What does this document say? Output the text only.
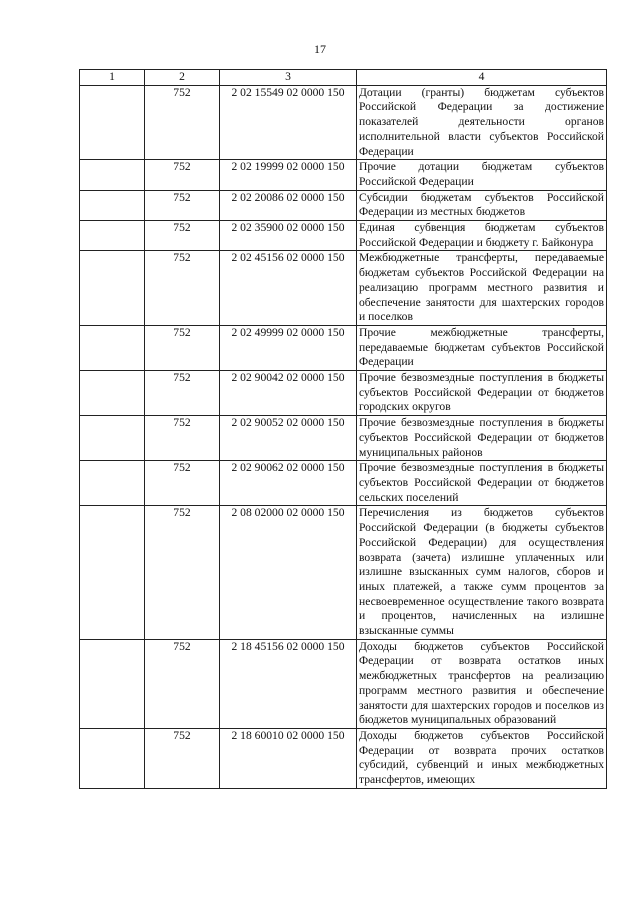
17
1	2	3	4
	752	2 02 15549 02 0000 150	Дотации (гранты) бюджетам субъектов Российской Федерации за достижение показателей деятельности органов исполнительной власти субъектов Российской Федерации
	752	2 02 19999 02 0000 150	Прочие дотации бюджетам субъектов Российской Федерации
	752	2 02 20086 02 0000 150	Субсидии бюджетам субъектов Российской Федерации из местных бюджетов
	752	2 02 35900 02 0000 150	Единая субвенция бюджетам субъектов Российской Федерации и бюджету г. Байконура
	752	2 02 45156 02 0000 150	Межбюджетные трансферты, передаваемые бюджетам субъектов Российской Федерации на реализацию программ местного развития и обеспечение занятости для шахтерских городов и поселков
	752	2 02 49999 02 0000 150	Прочие межбюджетные трансферты, передаваемые бюджетам субъектов Российской Федерации
	752	2 02 90042 02 0000 150	Прочие безвозмездные поступления в бюджеты субъектов Российской Федерации от бюджетов городских округов
	752	2 02 90052 02 0000 150	Прочие безвозмездные поступления в бюджеты субъектов Российской Федерации от бюджетов муниципальных районов
	752	2 02 90062 02 0000 150	Прочие безвозмездные поступления в бюджеты субъектов Российской Федерации от бюджетов сельских поселений
	752	2 08 02000 02 0000 150	Перечисления из бюджетов субъектов Российской Федерации (в бюджеты субъектов Российской Федерации) для осуществления возврата (зачета) излишне уплаченных или излишне взысканных сумм налогов, сборов и иных платежей, а также сумм процентов за несвоевременное осуществление такого возврата и процентов, начисленных на излишне взысканные суммы
	752	2 18 45156 02 0000 150	Доходы бюджетов субъектов Российской Федерации от возврата остатков иных межбюджетных трансфертов на реализацию программ местного развития и обеспечение занятости для шахтерских городов и поселков из бюджетов муниципальных образований
	752	2 18 60010 02 0000 150	Доходы бюджетов субъектов Российской Федерации от возврата прочих остатков субсидий, субвенций и иных межбюджетных трансфертов, имеющих
